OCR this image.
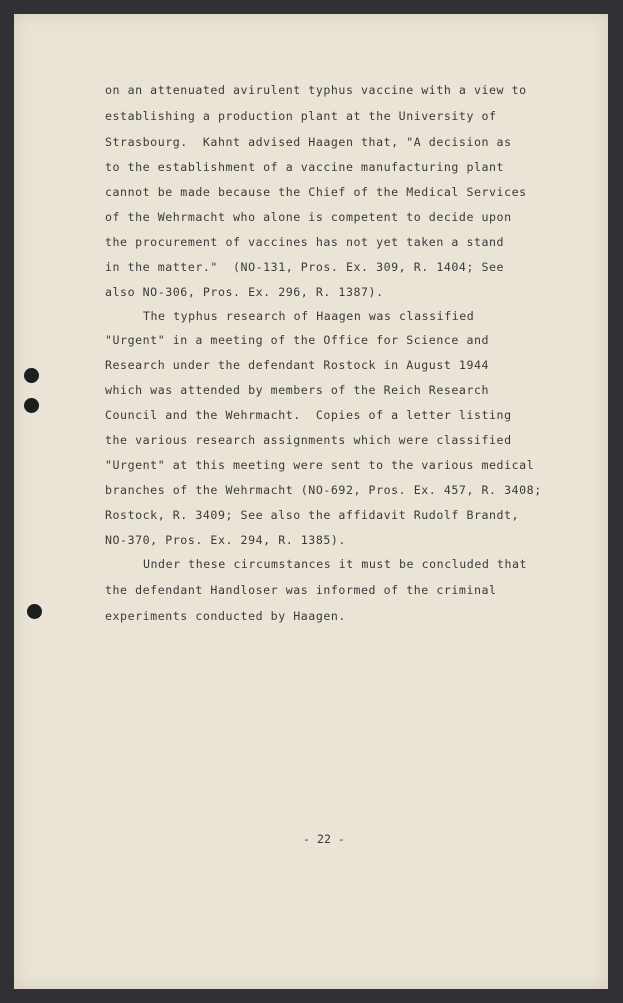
on an attenuated avirulent typhus vaccine with a view to
establishing a production plant at the University of
Strasbourg.  Kahnt advised Haagen that, "A decision as
to the establishment of a vaccine manufacturing plant
cannot be made because the Chief of the Medical Services
of the Wehrmacht who alone is competent to decide upon
the procurement of vaccines has not yet taken a stand
in the matter."  (NO-131, Pros. Ex. 309, R. 1404; See
also NO-306, Pros. Ex. 296, R. 1387).
The typhus research of Haagen was classified
"Urgent" in a meeting of the Office for Science and
Research under the defendant Rostock in August 1944
which was attended by members of the Reich Research
Council and the Wehrmacht.  Copies of a letter listing
the various research assignments which were classified
"Urgent" at this meeting were sent to the various medical
branches of the Wehrmacht (NO-692, Pros. Ex. 457, R. 3408;
Rostock, R. 3409; See also the affidavit Rudolf Brandt,
NO-370, Pros. Ex. 294, R. 1385).
Under these circumstances it must be concluded that
the defendant Handloser was informed of the criminal
experiments conducted by Haagen.
- 22 -
